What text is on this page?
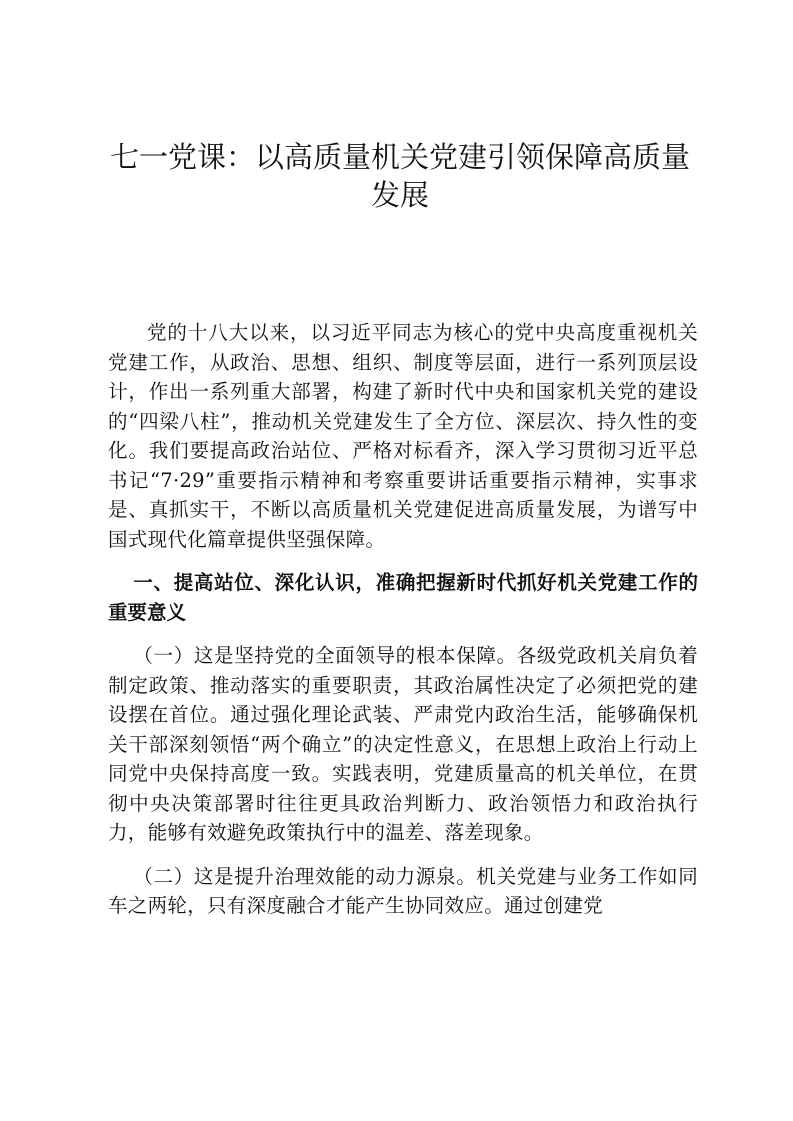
七一党课：以高质量机关党建引领保障高质量发展

党的十八大以来，以习近平同志为核心的党中央高度重视机关党建工作，从政治、思想、组织、制度等层面，进行一系列顶层设计，作出一系列重大部署，构建了新时代中央和国家机关党的建设的“四梁八柱”，推动机关党建发生了全方位、深层次、持久性的变化。我们要提高政治站位、严格对标看齐，深入学习贯彻习近平总书记“7·29”重要指示精神和考察重要讲话重要指示精神，实事求是、真抓实干，不断以高质量机关党建促进高质量发展，为谱写中国式现代化篇章提供坚强保障。

一、提高站位、深化认识，准确把握新时代抓好机关党建工作的重要意义

（一）这是坚持党的全面领导的根本保障。各级党政机关肩负着制定政策、推动落实的重要职责，其政治属性决定了必须把党的建设摆在首位。通过强化理论武装、严肃党内政治生活，能够确保机关干部深刻领悟“两个确立”的决定性意义，在思想上政治上行动上同党中央保持高度一致。实践表明，党建质量高的机关单位，在贯彻中央决策部署时往往更具政治判断力、政治领悟力和政治执行力，能够有效避免政策执行中的温差、落差现象。

（二）这是提升治理效能的动力源泉。机关党建与业务工作如同车之两轮，只有深度融合才能产生协同效应。通过创建党
